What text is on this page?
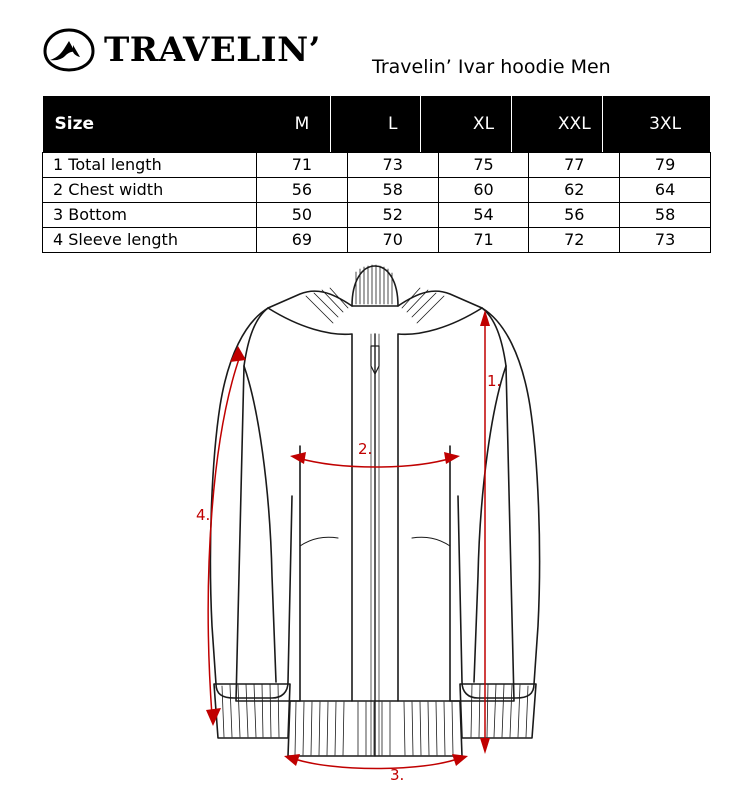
TRAVELIN’	Travelin’ Ivar hoodie Men
Size	M	L	XL	XXL	3XL
1 Total length	71	73	75	77	79
2 Chest width	56	58	60	62	64
3 Bottom	50	52	54	56	58
4 Sleeve length	69	70	71	72	73
1.
2.
3.
4.
